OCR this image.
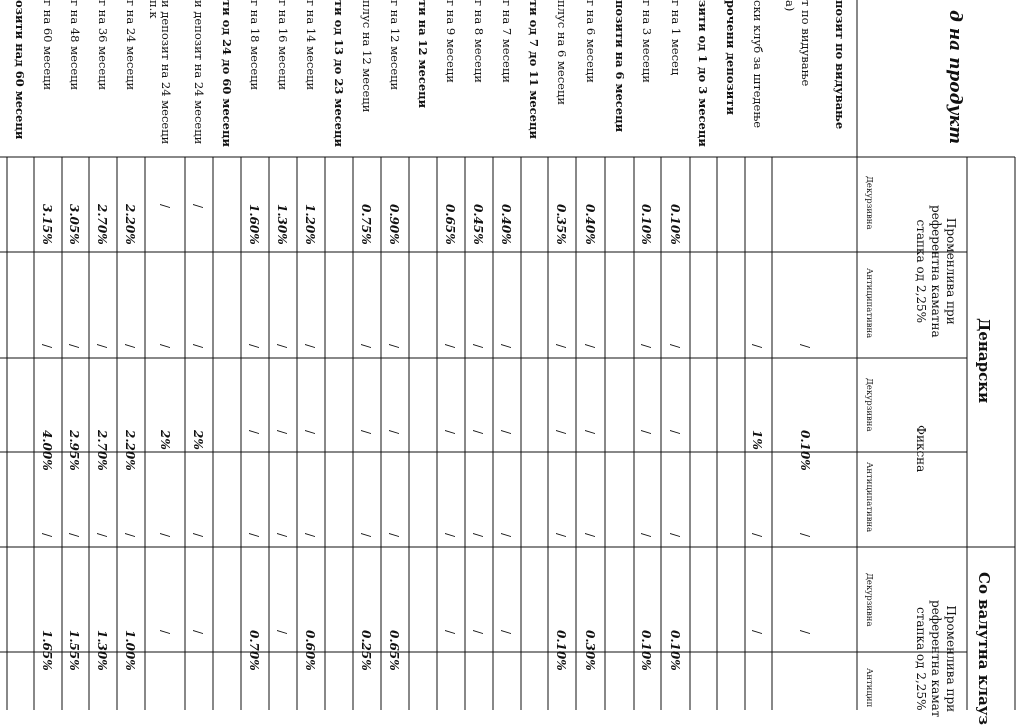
д на продукт
Денарски
Со валутна клауз
Променлива при
референтна каматна
стапка од 2,25%
Фиксна
Променлива при
референтна камат
стапка од 2,25%
Декурзивна
Антиципативна
Декурзивна
Антиципативна
Декурзивна
Антицип
позит по видување
т по видување
/
0.10%
/
/
а)
ски клуб за штедење
/
1%
/
/
рочени депозити
зити од 1 до 3 месеци
г на 1 месец
0.10%
/
/
/
0.10%
г на 3 месеци
0.10%
/
/
/
0.10%
позити на 6 месеци
г на 6 месеци
0.40%
/
/
/
0.30%
плус на 6 месеци
0.35%
/
/
/
0.10%
ти од 7 до 11 месеци
г на 7 месеци
0.40%
/
/
/
/
г на 8 месеци
0.45%
/
/
/
/
г на 9 месеци
0.65%
/
/
/
/
ти на 12 месеци
г на 12 месеци
0.90%
/
/
/
0.65%
плус на 12 месеци
0.75%
/
/
/
0.25%
ти од 13 до 23 месеци
г на 14 месеци
1.20%
/
/
/
0.60%
г на 16 месеци
1.30%
/
/
/
/
г на 18 месеци
1.60%
/
/
/
0.70%
ти од 24 до 60 месеци
и депозит на 24 месеци
/
/
2%
/
/
и депозит на 24 месеци
п.к
/
/
2%
/
/
г на 24 месеци
2.20%
/
2.20%
/
1.00%
г на 36 месеци
2.70%
/
2.70%
/
1.30%
г на 48 месеци
3.05%
/
2.95%
/
1.55%
г на 60 месеци
3.15%
/
4.00%
/
1.65%
озити над 60 месеци
